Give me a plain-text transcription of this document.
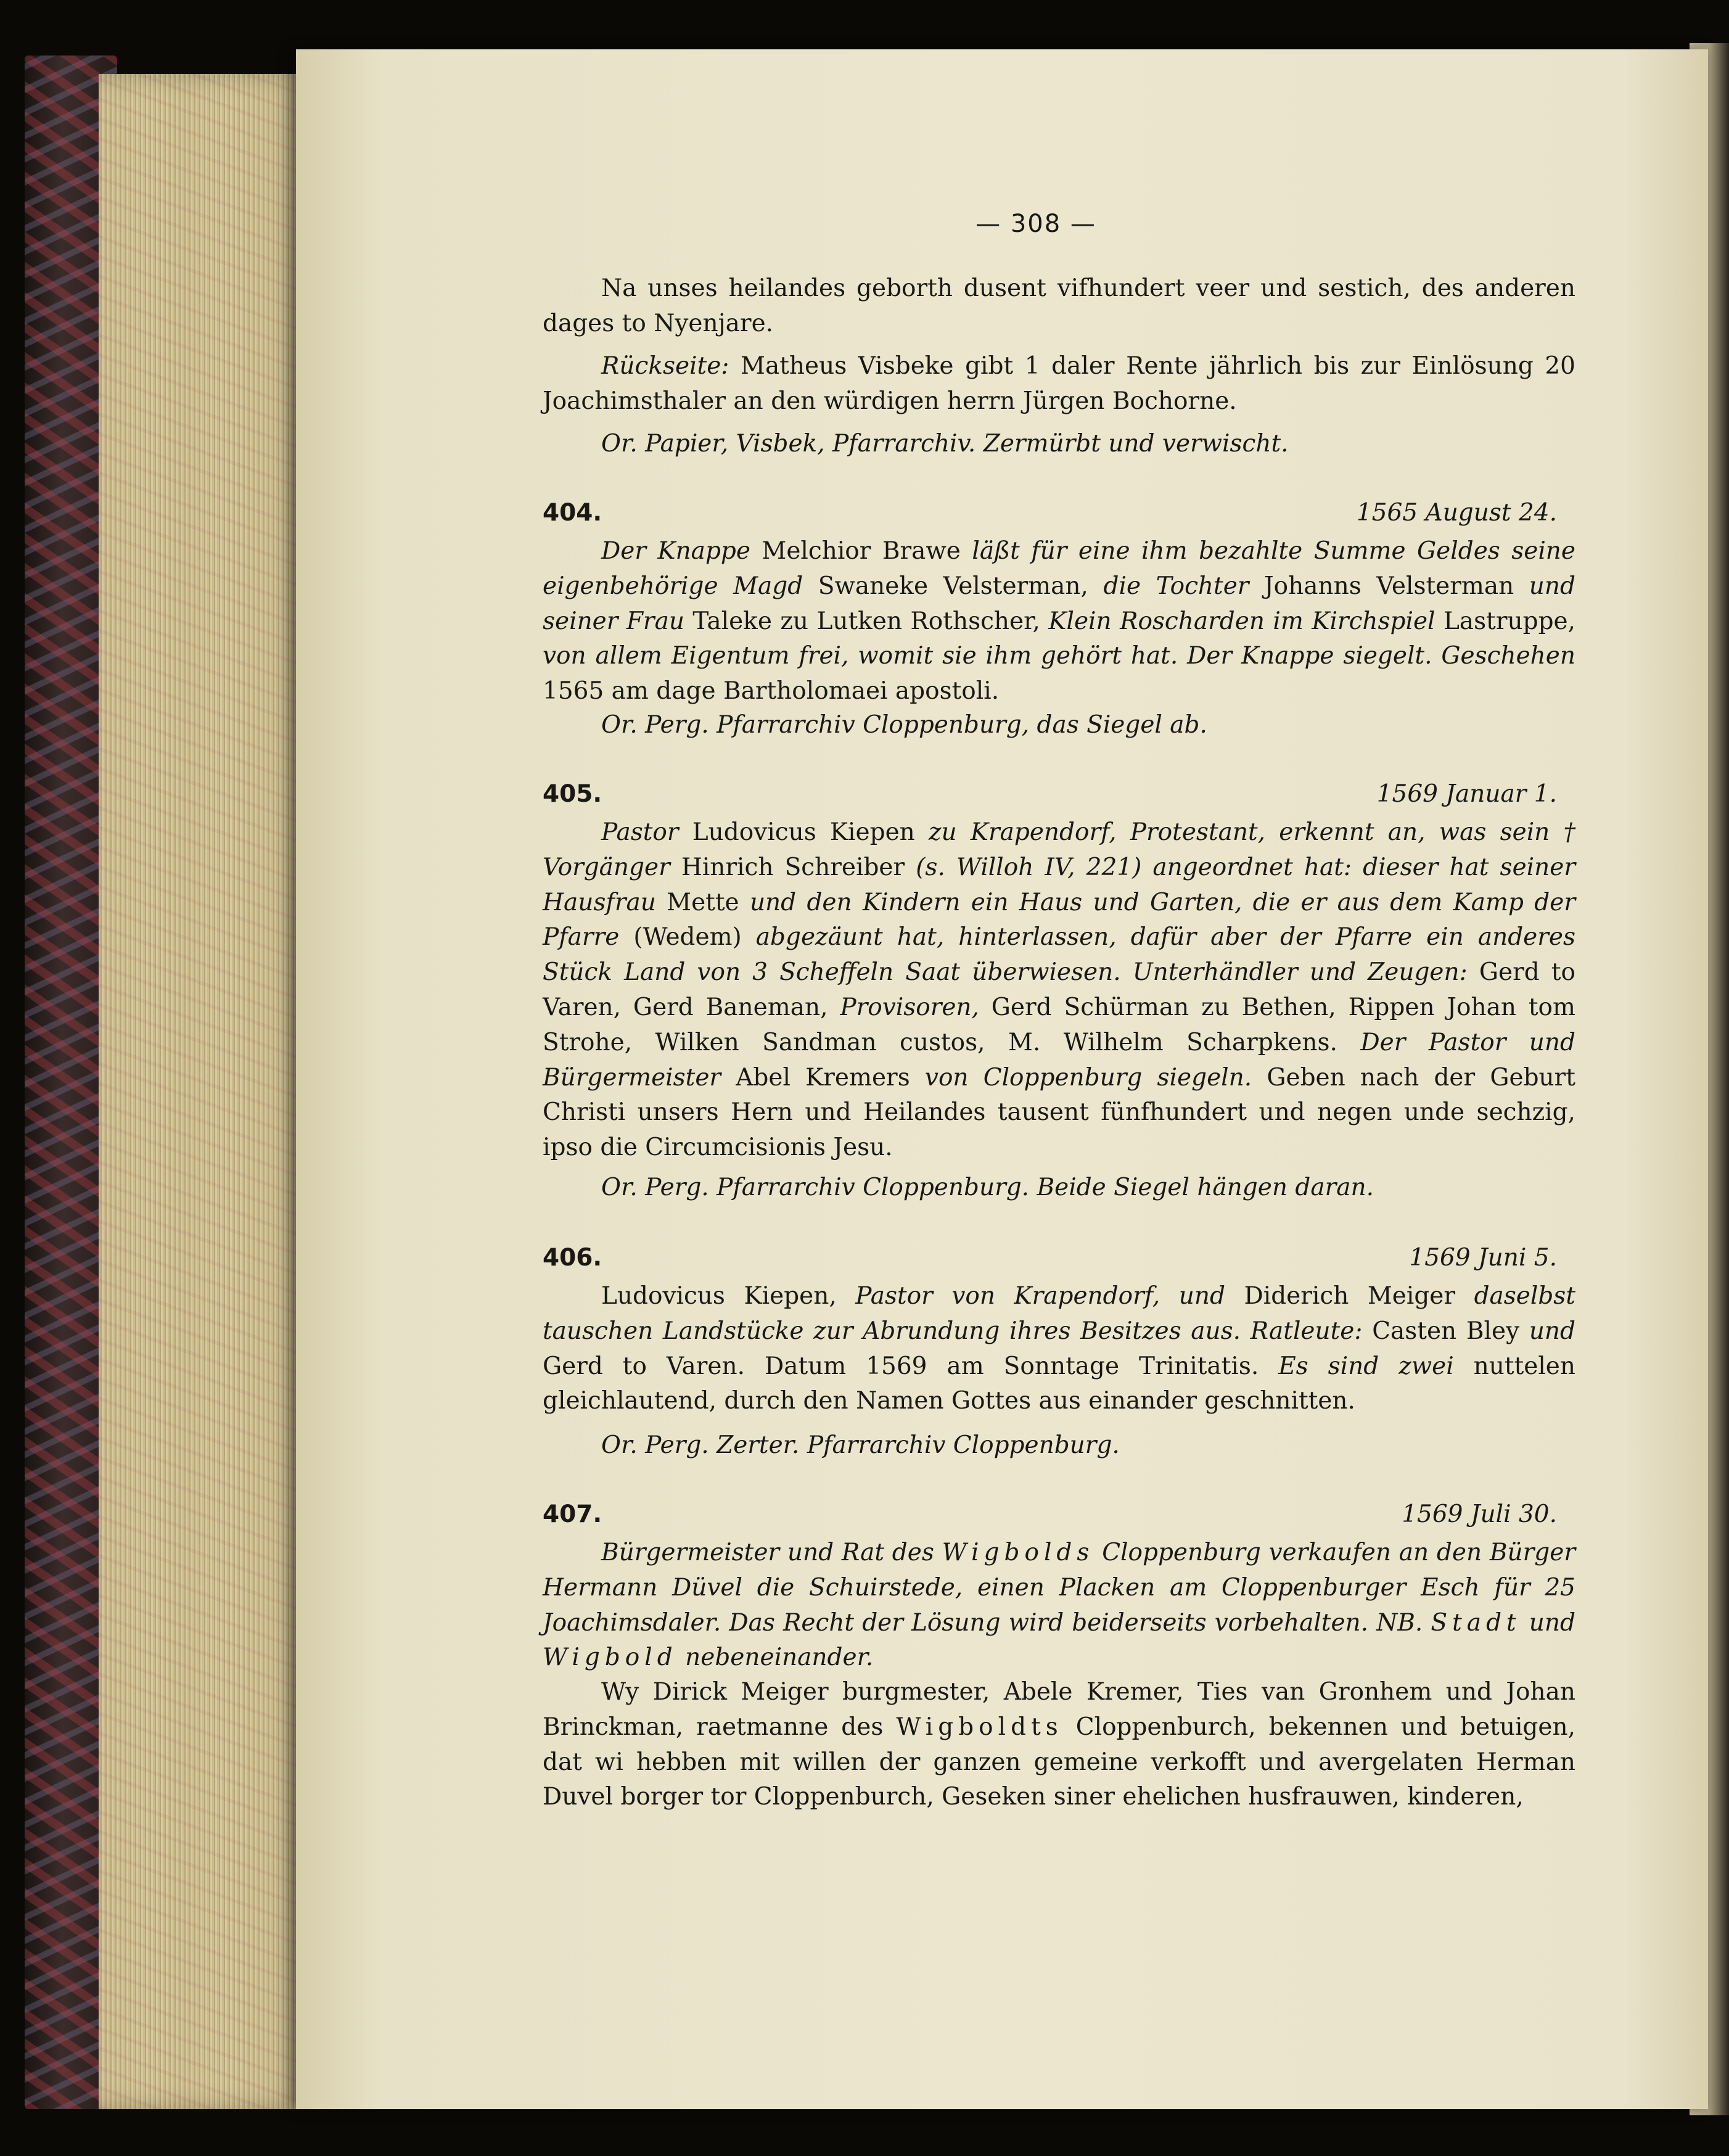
— 308 —

Na unses heilandes geborth dusent vifhundert veer und sestich, des anderen dages to Nyenjare.

Rückseite: Matheus Visbeke gibt 1 daler Rente jährlich bis zur Einlösung 20 Joachimsthaler an den würdigen herrn Jürgen Bochorne.

Or. Papier, Visbek, Pfarrarchiv. Zermürbt und verwischt.

404.	1565 August 24.

Der Knappe Melchior Brawe läßt für eine ihm bezahlte Summe Geldes seine eigenbehörige Magd Swaneke Velsterman, die Tochter Johanns Velsterman und seiner Frau Taleke zu Lutken Rothscher, Klein Roscharden im Kirchspiel Lastruppe, von allem Eigentum frei, womit sie ihm gehört hat. Der Knappe siegelt. Geschehen 1565 am dage Bartholomaei apostoli.

Or. Perg. Pfarrarchiv Cloppenburg, das Siegel ab.

405.	1569 Januar 1.

Pastor Ludovicus Kiepen zu Krapendorf, Protestant, erkennt an, was sein † Vorgänger Hinrich Schreiber (s. Willoh IV, 221) angeordnet hat: dieser hat seiner Hausfrau Mette und den Kindern ein Haus und Garten, die er aus dem Kamp der Pfarre (Wedem) abgezäunt hat, hinterlassen, dafür aber der Pfarre ein anderes Stück Land von 3 Scheffeln Saat überwiesen. Unterhändler und Zeugen: Gerd to Varen, Gerd Baneman, Provisoren, Gerd Schürman zu Bethen, Rippen Johan tom Strohe, Wilken Sandman custos, M. Wilhelm Scharpkens. Der Pastor und Bürgermeister Abel Kremers von Cloppenburg siegeln. Geben nach der Geburt Christi unsers Hern und Heilandes tausent fünfhundert und negen unde sechzig, ipso die Circumcisionis Jesu.

Or. Perg. Pfarrarchiv Cloppenburg. Beide Siegel hängen daran.

406.	1569 Juni 5.

Ludovicus Kiepen, Pastor von Krapendorf, und Diderich Meiger daselbst tauschen Landstücke zur Abrundung ihres Besitzes aus. Ratleute: Casten Bley und Gerd to Varen. Datum 1569 am Sonntage Trinitatis. Es sind zwei nuttelen gleichlautend, durch den Namen Gottes aus einander geschnitten.

Or. Perg. Zerter. Pfarrarchiv Cloppenburg.

407.	1569 Juli 30.

Bürgermeister und Rat des Wigbolds Cloppenburg verkaufen an den Bürger Hermann Düvel die Schuirstede, einen Placken am Cloppenburger Esch für 25 Joachimsdaler. Das Recht der Lösung wird beiderseits vorbehalten. NB. Stadt und Wigbold nebeneinander.

Wy Dirick Meiger burgmester, Abele Kremer, Ties van Gronhem und Johan Brinckman, raetmanne des Wigboldts Cloppenburch, bekennen und betuigen, dat wi hebben mit willen der ganzen gemeine verkofft und avergelaten Herman Duvel borger tor Cloppenburch, Geseken siner ehelichen husfrauwen, kinderen,
